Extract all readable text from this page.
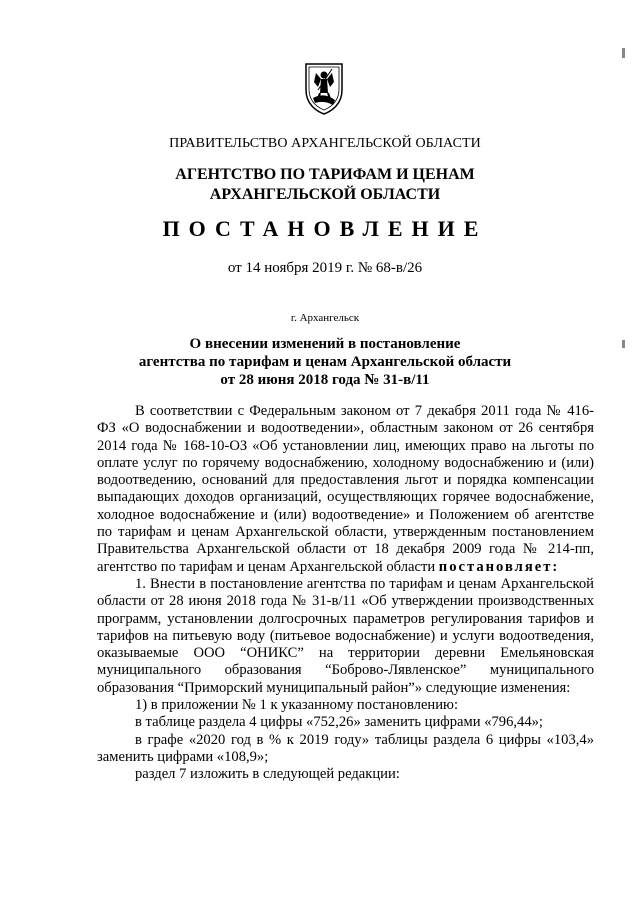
ПРАВИТЕЛЬСТВО АРХАНГЕЛЬСКОЙ ОБЛАСТИ
АГЕНТСТВО ПО ТАРИФАМ И ЦЕНАМ
АРХАНГЕЛЬСКОЙ ОБЛАСТИ
ПОСТАНОВЛЕНИЕ
от 14 ноября 2019 г. № 68-в/26
г. Архангельск
О внесении изменений в постановление
агентства по тарифам и ценам Архангельской области
от 28 июня 2018 года № 31-в/11

В соответствии с Федеральным законом от 7 декабря 2011 года № 416-ФЗ «О водоснабжении и водоотведении», областным законом от 26 сентября 2014 года № 168-10-ОЗ «Об установлении лиц, имеющих право на льготы по оплате услуг по горячему водоснабжению, холодному водоснабжению и (или) водоотведению, оснований для предоставления льгот и порядка компенсации выпадающих доходов организаций, осуществляющих горячее водоснабжение, холодное водоснабжение и (или) водоотведение» и Положением об агентстве по тарифам и ценам Архангельской области, утвержденным постановлением Правительства Архангельской области от 18 декабря 2009 года № 214-пп, агентство по тарифам и ценам Архангельской области постановляет:

1. Внести в постановление агентства по тарифам и ценам Архангельской области от 28 июня 2018 года № 31-в/11 «Об утверждении производственных программ, установлении долгосрочных параметров регулирования тарифов и тарифов на питьевую воду (питьевое водоснабжение) и услуги водоотведения, оказываемые ООО “ОНИКС” на территории деревни Емельяновская муниципального образования “Боброво-Лявленское” муниципального образования “Приморский муниципальный район”» следующие изменения:

1) в приложении № 1 к указанному постановлению:

в таблице раздела 4 цифры «752,26» заменить цифрами «796,44»;

в графе «2020 год в % к 2019 году» таблицы раздела 6 цифры «103,4» заменить цифрами «108,9»;

раздел 7 изложить в следующей редакции:
